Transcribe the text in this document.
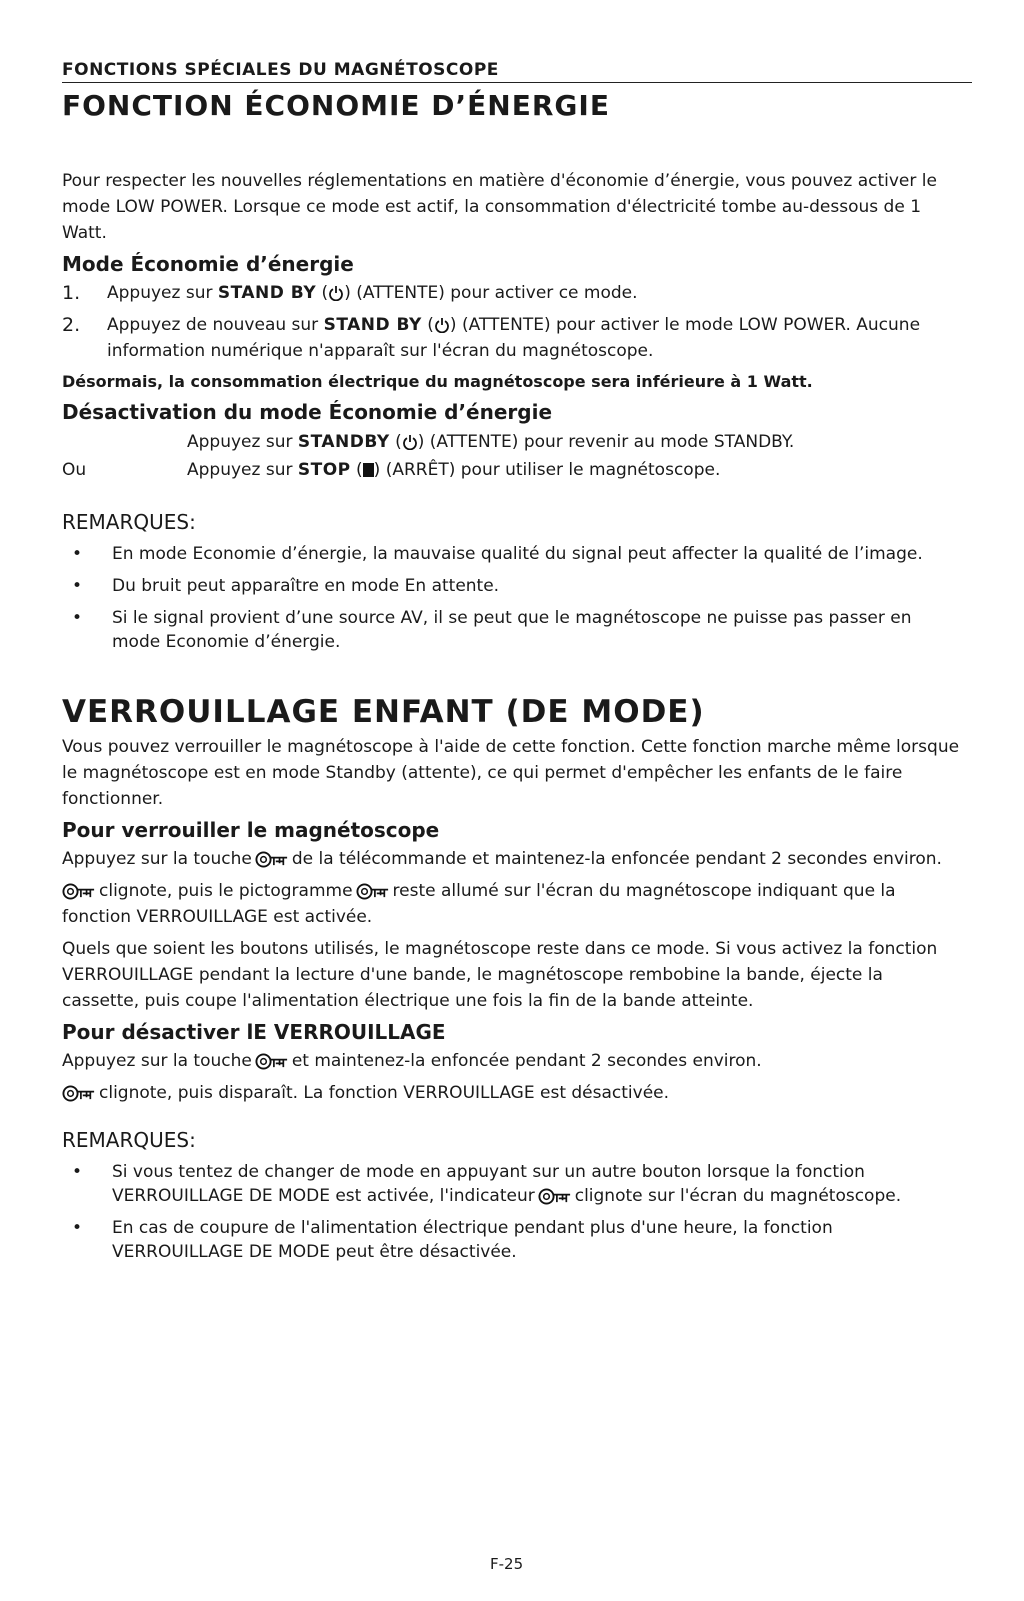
FONCTIONS SPÉCIALES DU MAGNÉTOSCOPE
FONCTION ÉCONOMIE D’ÉNERGIE

Pour respecter les nouvelles réglementations en matière d'économie d’énergie, vous pouvez activer le mode LOW POWER. Lorsque ce mode est actif, la consommation d'électricité tombe au-dessous de 1 Watt.

Mode Économie d’énergie
1.	Appuyez sur STAND BY ( ) (ATTENTE) pour activer ce mode.
2.	Appuyez de nouveau sur STAND BY ( ) (ATTENTE) pour activer le mode LOW POWER. Aucune information numérique n'apparaît sur l'écran du magnétoscope.
Désormais, la consommation électrique du magnétoscope sera inférieure à 1 Watt.
Désactivation du mode Économie d’énergie
Appuyez sur STANDBY ( ) (ATTENTE) pour revenir au mode STANDBY.
Ou	Appuyez sur STOP ( ) (ARRÊT) pour utiliser le magnétoscope.
REMARQUES:
•	En mode Economie d’énergie, la mauvaise qualité du signal peut affecter la qualité de l’image.
•	Du bruit peut apparaître en mode En attente.
•	Si le signal provient d’une source AV, il se peut que le magnétoscope ne puisse pas passer en mode Economie d’énergie.
VERROUILLAGE ENFANT (DE MODE)

Vous pouvez verrouiller le magnétoscope à l'aide de cette fonction. Cette fonction marche même lorsque le magnétoscope est en mode Standby (attente), ce qui permet d'empêcher les enfants de le faire fonctionner.

Pour verrouiller le magnétoscope

Appuyez sur la touche de la télécommande et maintenez-la enfoncée pendant 2 secondes environ.

clignote, puis le pictogramme reste allumé sur l'écran du magnétoscope indiquant que la fonction VERROUILLAGE est activée.

Quels que soient les boutons utilisés, le magnétoscope reste dans ce mode. Si vous activez la fonction VERROUILLAGE pendant la lecture d'une bande, le magnétoscope rembobine la bande, éjecte la cassette, puis coupe l'alimentation électrique une fois la fin de la bande atteinte.

Pour désactiver lE VERROUILLAGE

Appuyez sur la touche et maintenez-la enfoncée pendant 2 secondes environ.

clignote, puis disparaît. La fonction VERROUILLAGE est désactivée.

REMARQUES:
•	Si vous tentez de changer de mode en appuyant sur un autre bouton lorsque la fonction VERROUILLAGE DE MODE est activée, l'indicateur clignote sur l'écran du magnétoscope.
•	En cas de coupure de l'alimentation électrique pendant plus d'une heure, la fonction VERROUILLAGE DE MODE peut être désactivée.
F-25
